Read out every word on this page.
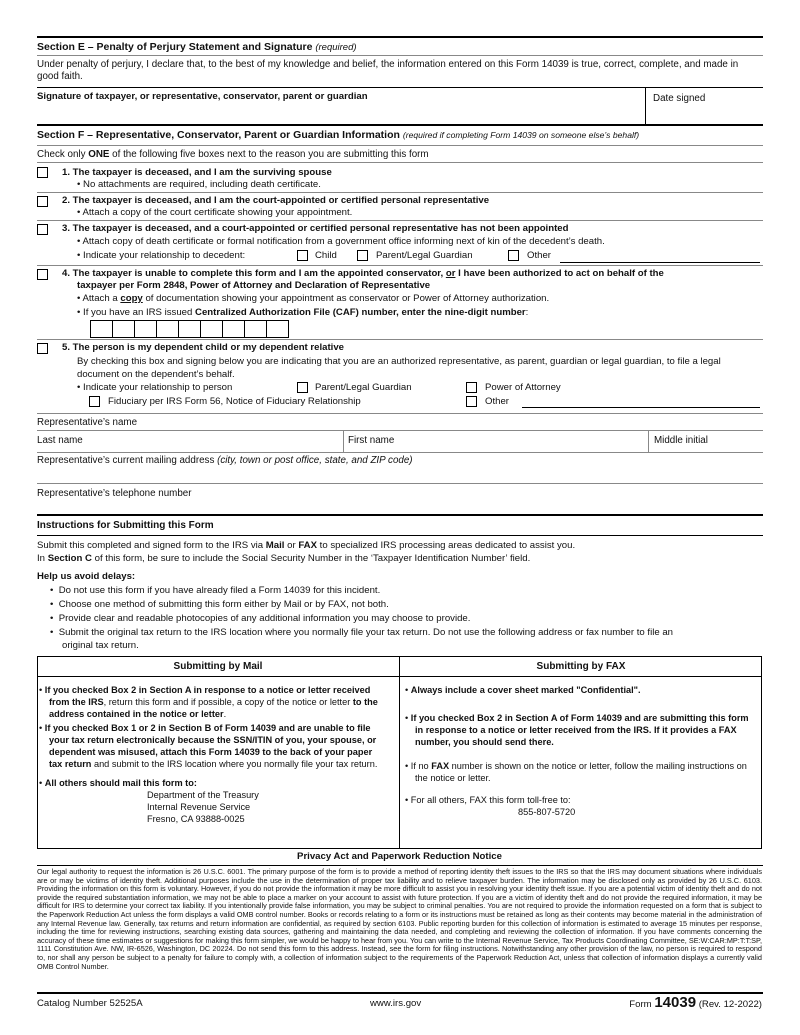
Section E – Penalty of Perjury Statement and Signature (required)
Under penalty of perjury, I declare that, to the best of my knowledge and belief, the information entered on this Form 14039 is true, correct, complete, and made in good faith.
Signature of taxpayer, or representative, conservator, parent or guardian	Date signed
Section F – Representative, Conservator, Parent or Guardian Information (required if completing Form 14039 on someone else’s behalf)
Check only ONE of the following five boxes next to the reason you are submitting this form
1. The taxpayer is deceased, and I am the surviving spouse
• No attachments are required, including death certificate.
2. The taxpayer is deceased, and I am the court-appointed or certified personal representative
• Attach a copy of the court certificate showing your appointment.
3. The taxpayer is deceased, and a court-appointed or certified personal representative has not been appointed
• Attach copy of death certificate or formal notification from a government office informing next of kin of the decedent’s death.
• Indicate your relationship to decedent:	Child	Parent/Legal Guardian	Other
4. The taxpayer is unable to complete this form and I am the appointed conservator, or I have been authorized to act on behalf of the
taxpayer per Form 2848, Power of Attorney and Declaration of Representative
• Attach a copy of documentation showing your appointment as conservator or Power of Attorney authorization.
• If you have an IRS issued Centralized Authorization File (CAF) number, enter the nine-digit number:
5. The person is my dependent child or my dependent relative
By checking this box and signing below you are indicating that you are an authorized representative, as parent, guardian or legal guardian, to file a legal document on the dependent’s behalf.
• Indicate your relationship to person	Parent/Legal Guardian	Power of Attorney
Fiduciary per IRS Form 56, Notice of Fiduciary Relationship	Other
Representative’s name
Last name	First name	Middle initial
Representative’s current mailing address (city, town or post office, state, and ZIP code)
Representative’s telephone number
Instructions for Submitting this Form
Submit this completed and signed form to the IRS via Mail or FAX to specialized IRS processing areas dedicated to assist you.
In Section C of this form, be sure to include the Social Security Number in the ‘Taxpayer Identification Number’ field.
Help us avoid delays:
•  Do not use this form if you have already filed a Form 14039 for this incident.
•  Choose one method of submitting this form either by Mail or by FAX, not both.
•  Provide clear and readable photocopies of any additional information you may choose to provide.
•  Submit the original tax return to the IRS location where you normally file your tax return. Do not use the following address or fax number to file an
original tax return.
Submitting by Mail	Submitting by FAX
• If you checked Box 2 in Section A in response to a notice or letter received from the IRS, return this form and if possible, a copy of the notice or letter to the address contained in the notice or letter.
• If you checked Box 1 or 2 in Section B of Form 14039 and are unable to file your tax return electronically because the SSN/ITIN of you, your spouse, or dependent was misused, attach this Form 14039 to the back of your paper tax return and submit to the IRS location where you normally file your tax return.
• All others should mail this form to:
Department of the Treasury
Internal Revenue Service
Fresno, CA 93888-0025
• Always include a cover sheet marked "Confidential".
• If you checked Box 2 in Section A of Form 14039 and are submitting this form in response to a notice or letter received from the IRS. If it provides a FAX number, you should send there.
• If no FAX number is shown on the notice or letter, follow the mailing instructions on the notice or letter.
• For all others, FAX this form toll-free to:
855-807-5720
Privacy Act and Paperwork Reduction Notice
Our legal authority to request the information is 26 U.S.C. 6001. The primary purpose of the form is to provide a method of reporting identity theft issues to the IRS so that the IRS may document situations where individuals are or may be victims of identity theft. Additional purposes include the use in the determination of proper tax liability and to relieve taxpayer burden. The information may be disclosed only as provided by 26 U.S.C. 6103. Providing the information on this form is voluntary. However, if you do not provide the information it may be more difficult to assist you in resolving your identity theft issue. If you are a potential victim of identity theft and do not provide the required substantiation information, we may not be able to place a marker on your account to assist with future protection. If you are a victim of identity theft and do not provide the required information, it may be difficult for IRS to determine your correct tax liability. If you intentionally provide false information, you may be subject to criminal penalties. You are not required to provide the information requested on a form that is subject to the Paperwork Reduction Act unless the form displays a valid OMB control number. Books or records relating to a form or its instructions must be retained as long as their contents may become material in the administration of any Internal Revenue law. Generally, tax returns and return information are confidential, as required by section 6103. Public reporting burden for this collection of information is estimated to average 15 minutes per response, including the time for reviewing instructions, searching existing data sources, gathering and maintaining the data needed, and completing and reviewing the collection of information. If you have comments concerning the accuracy of these time estimates or suggestions for making this form simpler, we would be happy to hear from you. You can write to the Internal Revenue Service, Tax Products Coordinating Committee, SE:W:CAR:MP:T:T:SP, 1111 Constitution Ave. NW, IR-6526, Washington, DC 20224. Do not send this form to this address. Instead, see the form for filing instructions. Notwithstanding any other provision of the law, no person is required to respond to, nor shall any person be subject to a penalty for failure to comply with, a collection of information subject to the requirements of the Paperwork Reduction Act, unless that collection of information displays a currently valid OMB Control Number.
Catalog Number 52525A	www.irs.gov	Form 14039 (Rev. 12-2022)
